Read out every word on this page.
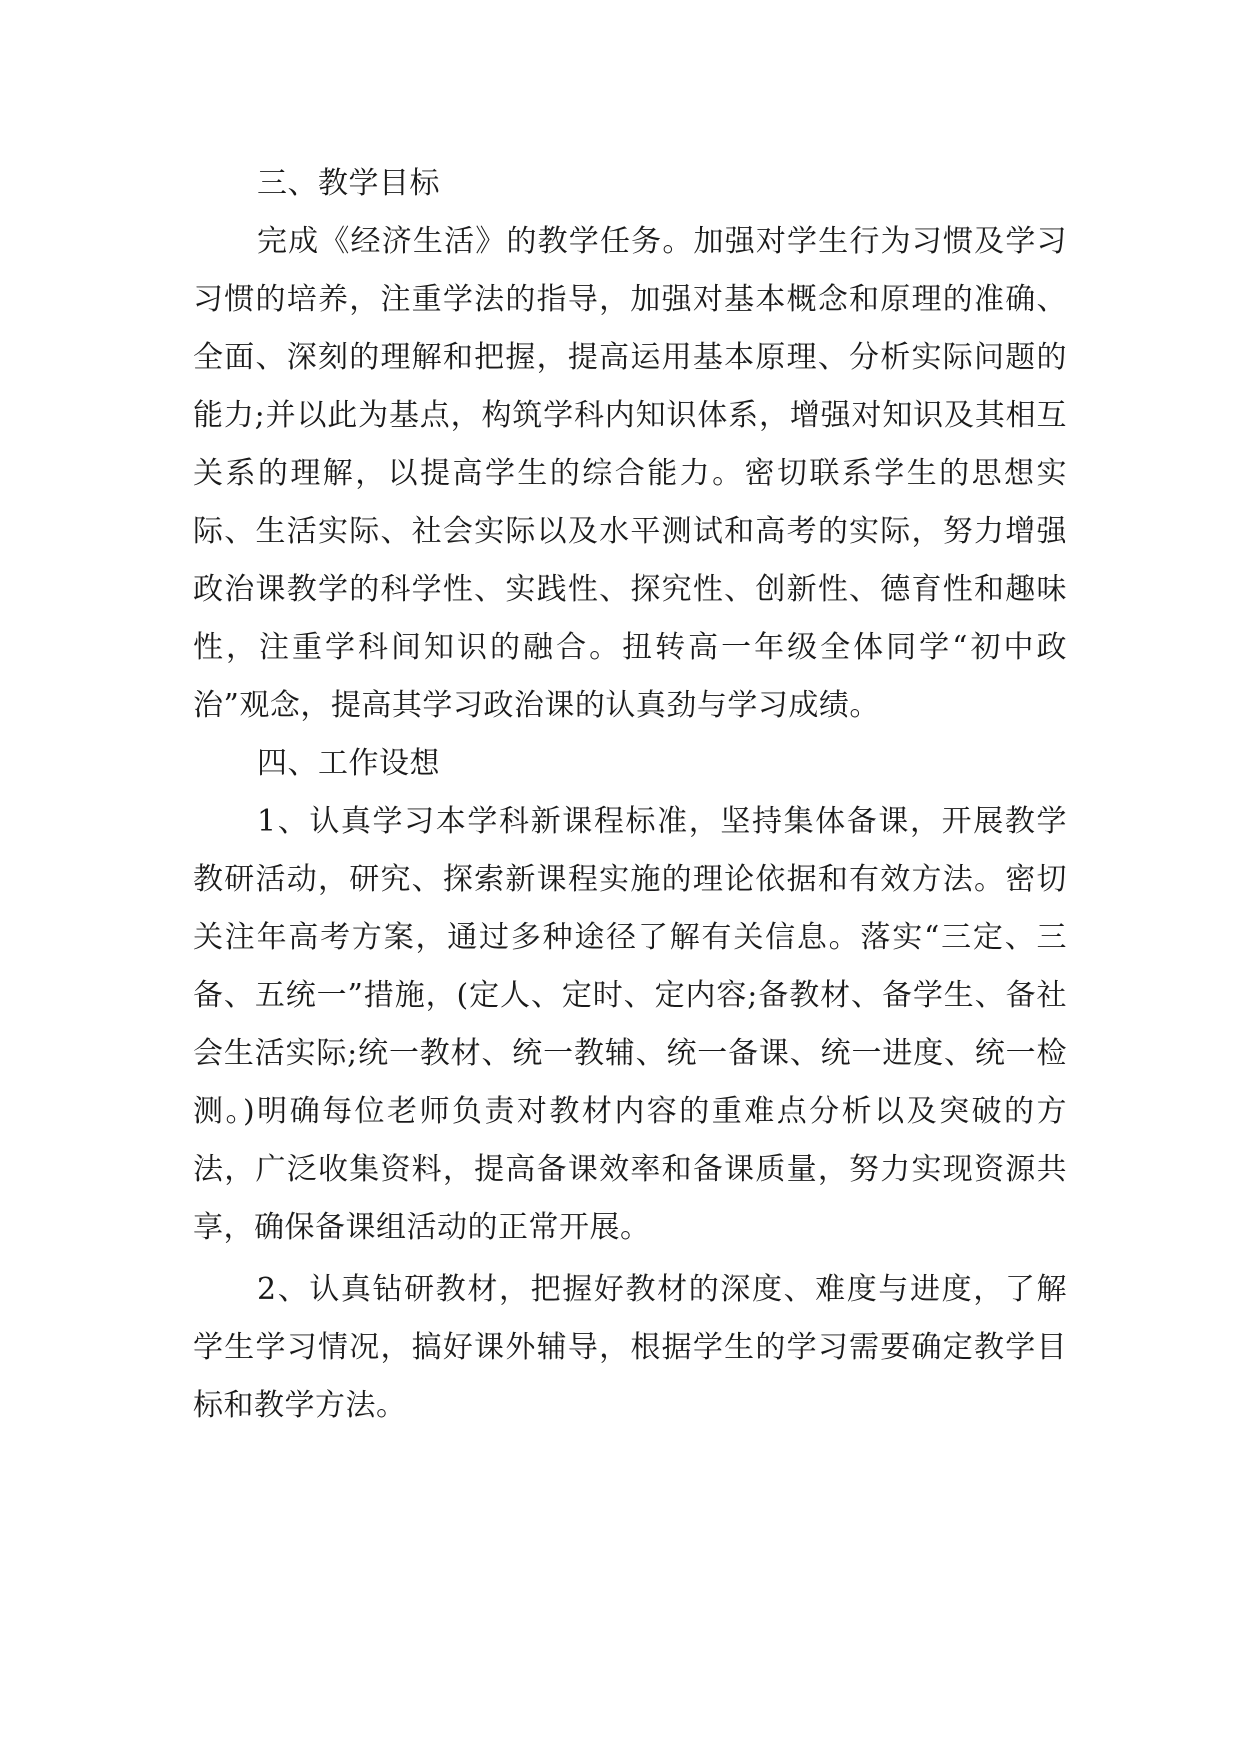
三、教学目标

完成《经济生活》的教学任务。加强对学生行为习惯及学习习惯的培养，注重学法的指导，加强对基本概念和原理的准确、全面、深刻的理解和把握，提高运用基本原理、分析实际问题的能力;并以此为基点，构筑学科内知识体系，增强对知识及其相互关系的理解，以提高学生的综合能力。密切联系学生的思想实际、生活实际、社会实际以及水平测试和高考的实际，努力增强政治课教学的科学性、实践性、探究性、创新性、德育性和趣味性，注重学科间知识的融合。扭转高一年级全体同学“初中政治”观念，提高其学习政治课的认真劲与学习成绩。

四、工作设想

1、认真学习本学科新课程标准，坚持集体备课，开展教学教研活动，研究、探索新课程实施的理论依据和有效方法。密切关注年高考方案，通过多种途径了解有关信息。落实“三定、三备、五统一”措施，(定人、定时、定内容;备教材、备学生、备社会生活实际;统一教材、统一教辅、统一备课、统一进度、统一检测。)明确每位老师负责对教材内容的重难点分析以及突破的方法，广泛收集资料，提高备课效率和备课质量，努力实现资源共享，确保备课组活动的正常开展。

2、认真钻研教材，把握好教材的深度、难度与进度，了解学生学习情况，搞好课外辅导，根据学生的学习需要确定教学目标和教学方法。
